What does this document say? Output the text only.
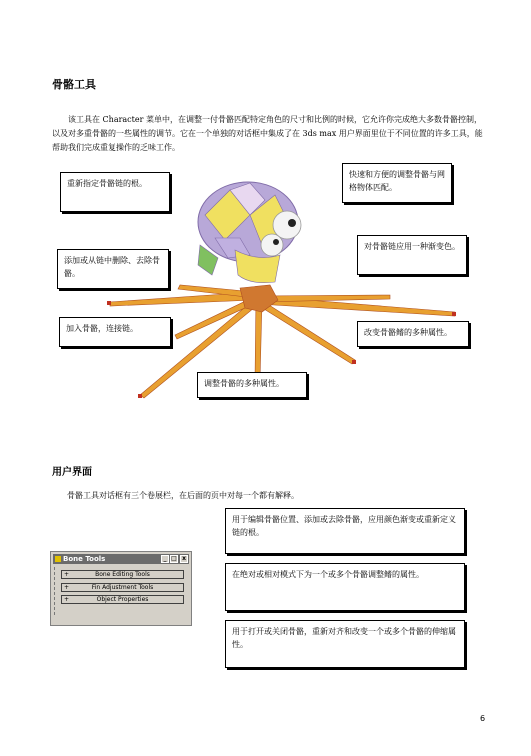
骨骼工具
该工具在 Character 菜单中，在调整一付骨骼匹配特定角色的尺寸和比例的时候，它允许你完成绝大多数骨骼控制，以及对多重骨骼的一些属性的调节。它在一个单独的对话框中集成了在 3ds max 用户界面里位于不同位置的许多工具，能帮助我们完成重复操作的乏味工作。
重新指定骨骼链的根。
快速和方便的调整骨骼与网格物体匹配。
添加或从链中删除、去除骨骼。
对骨骼链应用一种渐变色。
加入骨骼，连接链。	改变骨骼鳍的多种属性。
调整骨骼的多种属性。
用户界面
骨骼工具对话框有三个卷展栏，在后面的页中对每一个都有解释。
用于编辑骨骼位置、添加或去除骨骼，应用颜色渐变或重新定义链的根。
在绝对或相对模式下为一个或多个骨骼调整鳍的属性。
用于打开或关闭骨骼，重新对齐和改变一个或多个骨骼的伸缩属性。
Bone Tools	_ □ x
+	Bone Editing Tools
+	Fin Adjustment Tools
+	Object Properties
6
